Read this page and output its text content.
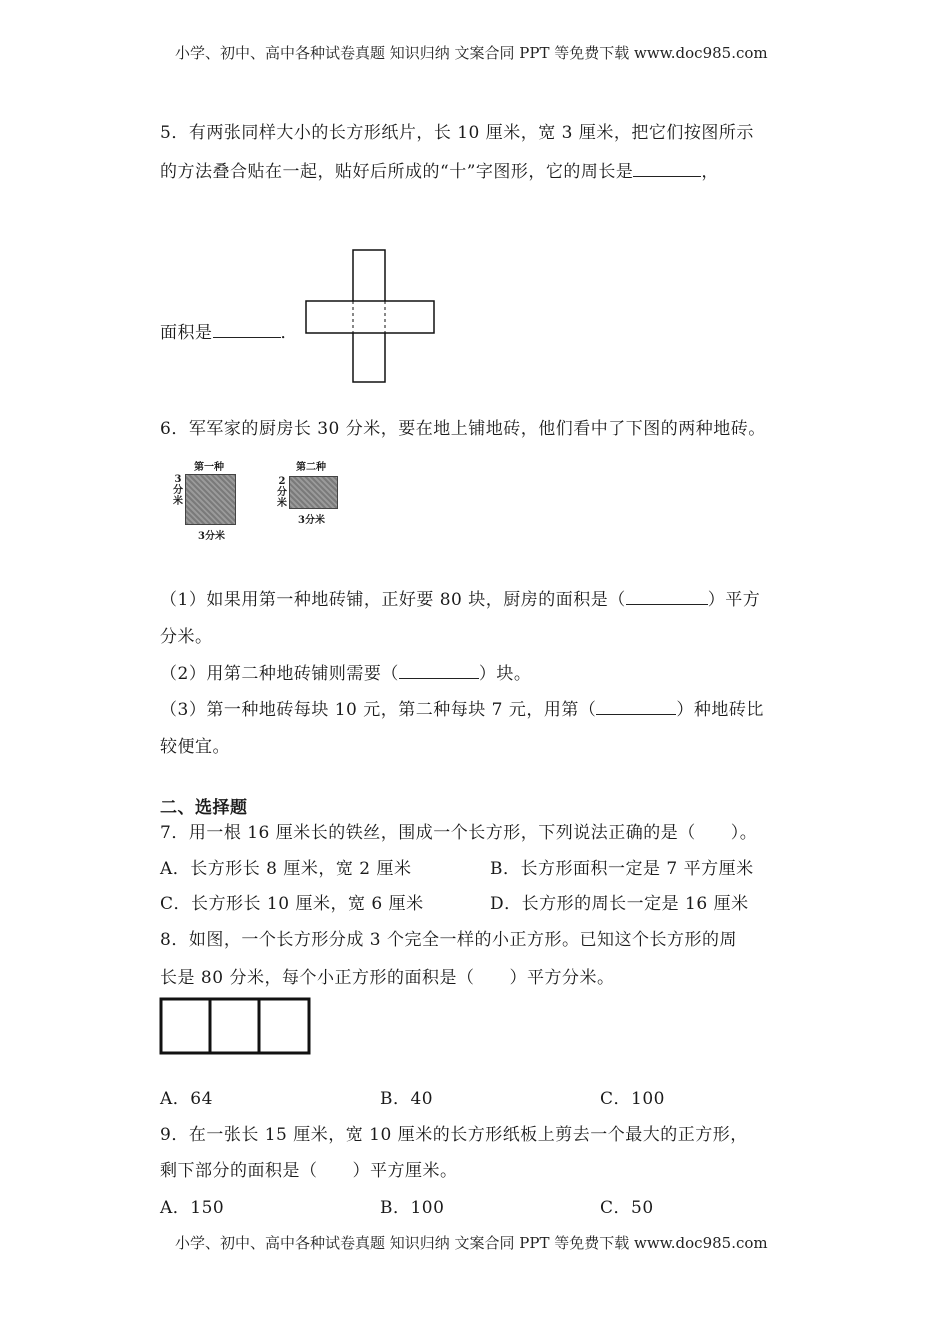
小学、初中、高中各种试卷真题 知识归纳 文案合同 PPT 等免费下载 www.doc985.com
5．有两张同样大小的长方形纸片，长 10 厘米，宽 3 厘米，把它们按图所示
的方法叠合贴在一起，贴好后所成的“十”字图形，它的周长是	，
面积是	．
6．军军家的厨房长 30 分米，要在地上铺地砖，他们看中了下图的两种地砖。
第一种
3
分
米
3分米
第二种
2
分
米
3分米
（1）如果用第一种地砖铺，正好要 80 块，厨房的面积是（	）平方
分米。
（2）用第二种地砖铺则需要（	）块。
（3）第一种地砖每块 10 元，第二种每块 7 元，用第（	）种地砖比
较便宜。
二、选择题
7．用一根 16 厘米长的铁丝，围成一个长方形，下列说法正确的是（　　）。
A．长方形长 8 厘米，宽 2 厘米	B．长方形面积一定是 7 平方厘米
C．长方形长 10 厘米，宽 6 厘米	D．长方形的周长一定是 16 厘米
8．如图，一个长方形分成 3 个完全一样的小正方形。已知这个长方形的周
长是 80 分米，每个小正方形的面积是（　　）平方分米。
A．64	B．40	C．100
9．在一张长 15 厘米，宽 10 厘米的长方形纸板上剪去一个最大的正方形，
剩下部分的面积是（　　）平方厘米。
A．150	B．100	C．50
小学、初中、高中各种试卷真题 知识归纳 文案合同 PPT 等免费下载 www.doc985.com
